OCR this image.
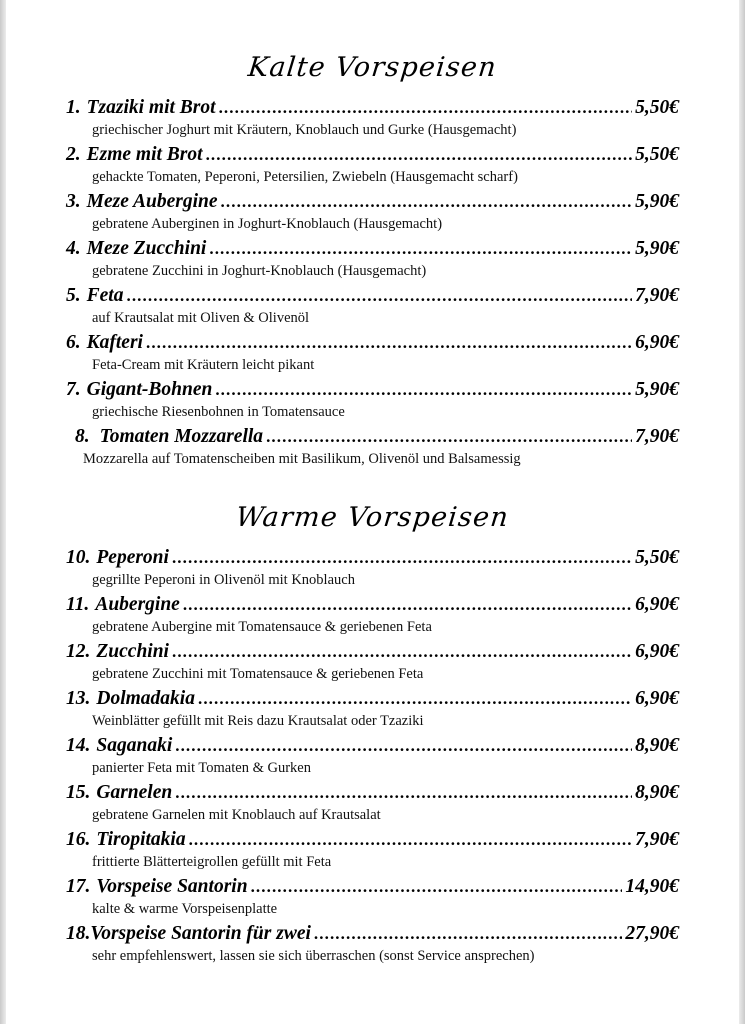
Kalte Vorspeisen
1. Tzaziki mit Brot .....	5,50€
griechischer Joghurt mit Kräutern, Knoblauch und Gurke (Hausgemacht)
2. Ezme mit Brot .....	5,50€
gehackte Tomaten, Peperoni, Petersilien, Zwiebeln (Hausgemacht scharf)
3. Meze Aubergine .....	5,90€
gebratene Auberginen in Joghurt-Knoblauch (Hausgemacht)
4. Meze Zucchini .....	5,90€
gebratene Zucchini in Joghurt-Knoblauch (Hausgemacht)
5. Feta .....	7,90€
auf Krautsalat mit Oliven & Olivenöl
6. Kafteri .....	6,90€
Feta-Cream mit Kräutern leicht pikant
7. Gigant-Bohnen .....	5,90€
griechische Riesenbohnen in Tomatensauce
8. Tomaten Mozzarella .....	7,90€
Mozzarella auf Tomatenscheiben mit Basilikum, Olivenöl und Balsamessig
Warme Vorspeisen
10. Peperoni .....	5,50€
gegrillte Peperoni in Olivenöl mit Knoblauch
11. Aubergine .....	6,90€
gebratene Aubergine mit Tomatensauce & geriebenen Feta
12. Zucchini .....	6,90€
gebratene Zucchini mit Tomatensauce & geriebenen Feta
13. Dolmadakia .....	6,90€
Weinblätter gefüllt mit Reis dazu Krautsalat oder Tzaziki
14. Saganaki .....	8,90€
panierter Feta mit Tomaten & Gurken
15. Garnelen .....	8,90€
gebratene Garnelen mit Knoblauch auf Krautsalat
16. Tiropitakia .....	7,90€
frittierte Blätterteigrollen gefüllt mit Feta
17. Vorspeise Santorin .....	14,90€
kalte & warme Vorspeisenplatte
18. Vorspeise Santorin für zwei .....	27,90€
sehr empfehlenswert, lassen sie sich überraschen (sonst Service ansprechen)
